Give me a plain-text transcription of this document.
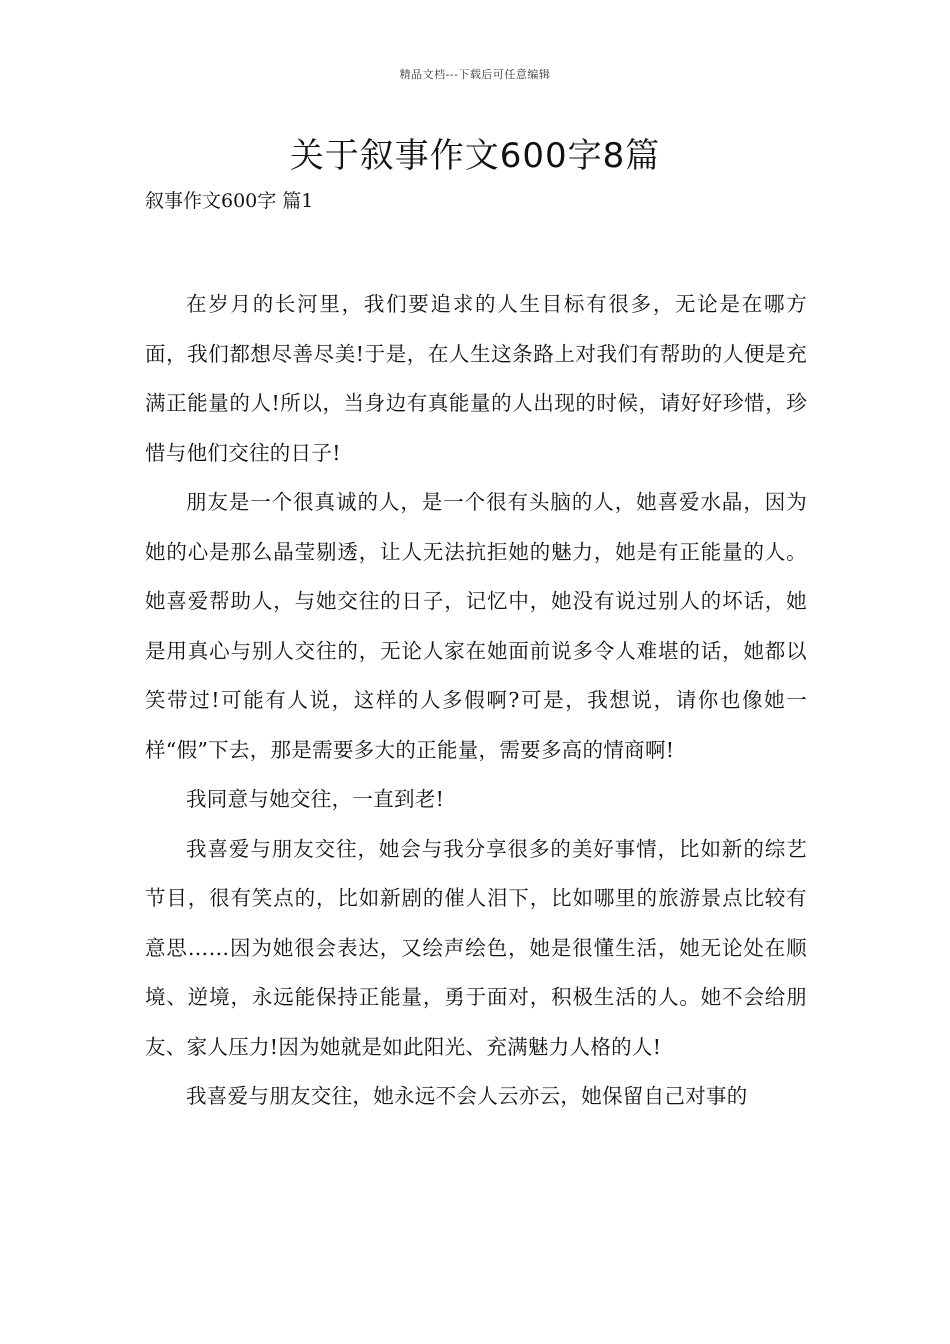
精品文档---下载后可任意编辑
关于叙事作文600字8篇
叙事作文600字 篇1

在岁月的长河里，我们要追求的人生目标有很多，无论是在哪方面，我们都想尽善尽美!于是，在人生这条路上对我们有帮助的人便是充满正能量的人!所以，当身边有真能量的人出现的时候，请好好珍惜，珍惜与他们交往的日子!

朋友是一个很真诚的人，是一个很有头脑的人，她喜爱水晶，因为她的心是那么晶莹剔透，让人无法抗拒她的魅力，她是有正能量的人。她喜爱帮助人，与她交往的日子，记忆中，她没有说过别人的坏话，她是用真心与别人交往的，无论人家在她面前说多令人难堪的话，她都以笑带过!可能有人说，这样的人多假啊?可是，我想说，请你也像她一样“假”下去，那是需要多大的正能量，需要多高的情商啊!

我同意与她交往，一直到老!

我喜爱与朋友交往，她会与我分享很多的美好事情，比如新的综艺节目，很有笑点的，比如新剧的催人泪下，比如哪里的旅游景点比较有意思……因为她很会表达，又绘声绘色，她是很懂生活，她无论处在顺境、逆境，永远能保持正能量，勇于面对，积极生活的人。她不会给朋友、家人压力!因为她就是如此阳光、充满魅力人格的人!

我喜爱与朋友交往，她永远不会人云亦云，她保留自己对事的
